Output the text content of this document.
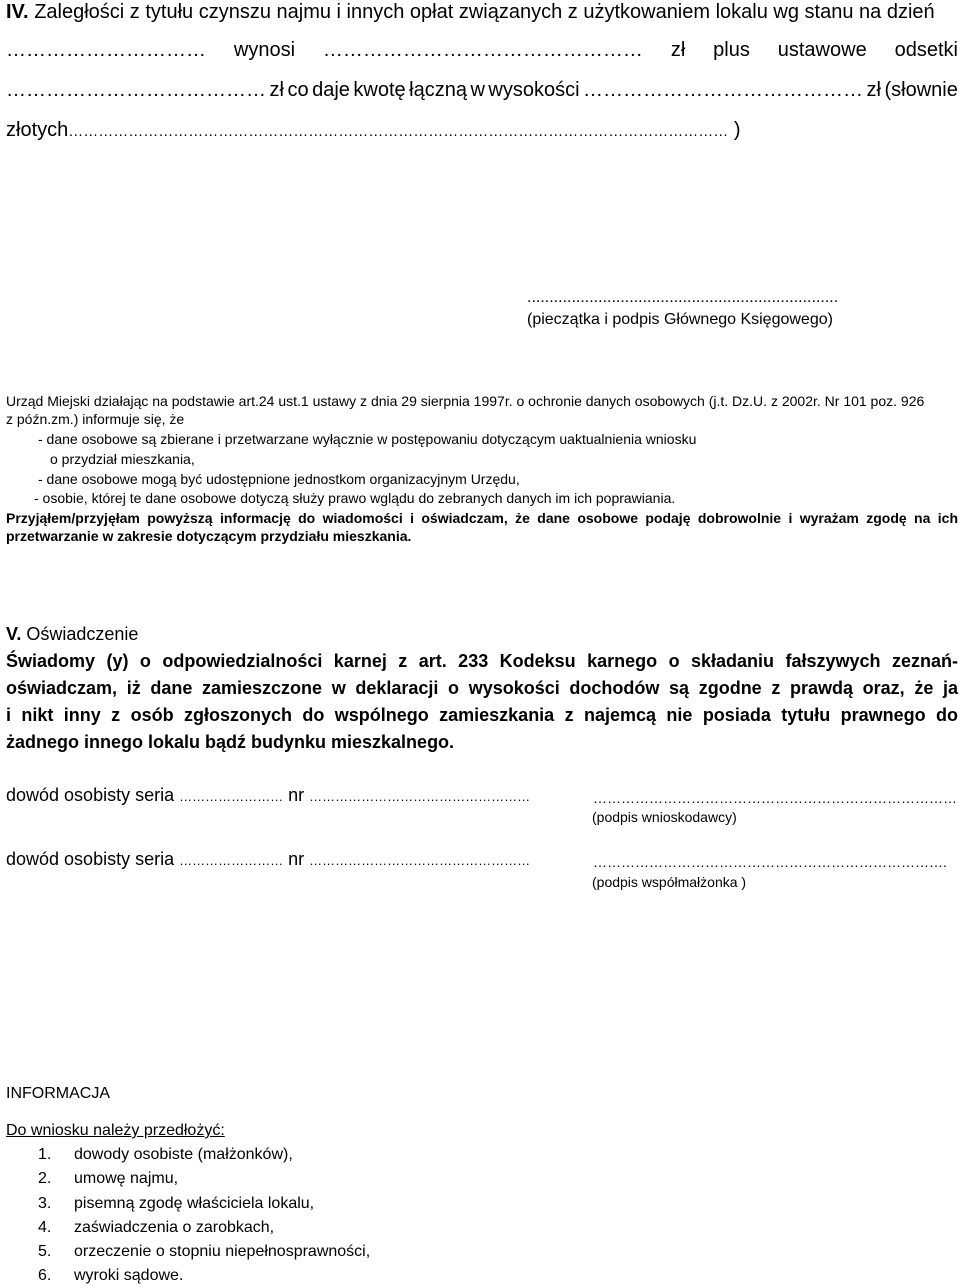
IV. Zaległości z tytułu czynszu najmu i innych opłat związanych z użytkowaniem lokalu wg stanu na dzień
………………………… wynosi ………………………………………… zł plus ustawowe odsetki
………………………………… zł co daje kwotę łączną w wysokości …………………………………… zł (słownie
złotych…………………………………………………………………………………………………………………… )
......................................................................
(pieczątka i podpis Głównego Księgowego)
Urząd Miejski działając na podstawie art.24 ust.1 ustawy z dnia 29 sierpnia 1997r. o ochronie danych osobowych (j.t. Dz.U. z 2002r. Nr 101 poz. 926
z późn.zm.) informuje się, że
- dane osobowe są zbierane i przetwarzane wyłącznie w postępowaniu dotyczącym uaktualnienia wniosku
o przydział mieszkania,
- dane osobowe mogą być udostępnione jednostkom organizacyjnym Urzędu,
- osobie, której te dane osobowe dotyczą służy prawo wglądu do zebranych danych im ich poprawiania.
Przyjąłem/przyjęłam powyższą informację do wiadomości i oświadczam, że dane osobowe podaję dobrowolnie i wyrażam zgodę na ich
przetwarzanie w zakresie dotyczącym przydziału mieszkania.
V. Oświadczenie
Świadomy (y) o odpowiedzialności karnej z art. 233 Kodeksu karnego o składaniu fałszywych zeznań-
oświadczam, iż dane zamieszczone w deklaracji o wysokości dochodów są zgodne z prawdą oraz, że ja
i nikt inny z osób zgłoszonych do wspólnego zamieszkania z najemcą nie posiada tytułu prawnego do
żadnego innego lokalu bądź budynku mieszkalnego.
dowód osobisty seria …………………… nr ……………………………………………	……………………………………………………………………
(podpis wnioskodawcy)
dowód osobisty seria …………………… nr ……………………………………………	………………………………………………………………….
(podpis współmałżonka )
INFORMACJA
Do wniosku należy przedłożyć:
1. dowody osobiste (małżonków),
2. umowę najmu,
3. pisemną zgodę właściciela lokalu,
4. zaświadczenia o zarobkach,
5. orzeczenie o stopniu niepełnosprawności,
6. wyroki sądowe.
